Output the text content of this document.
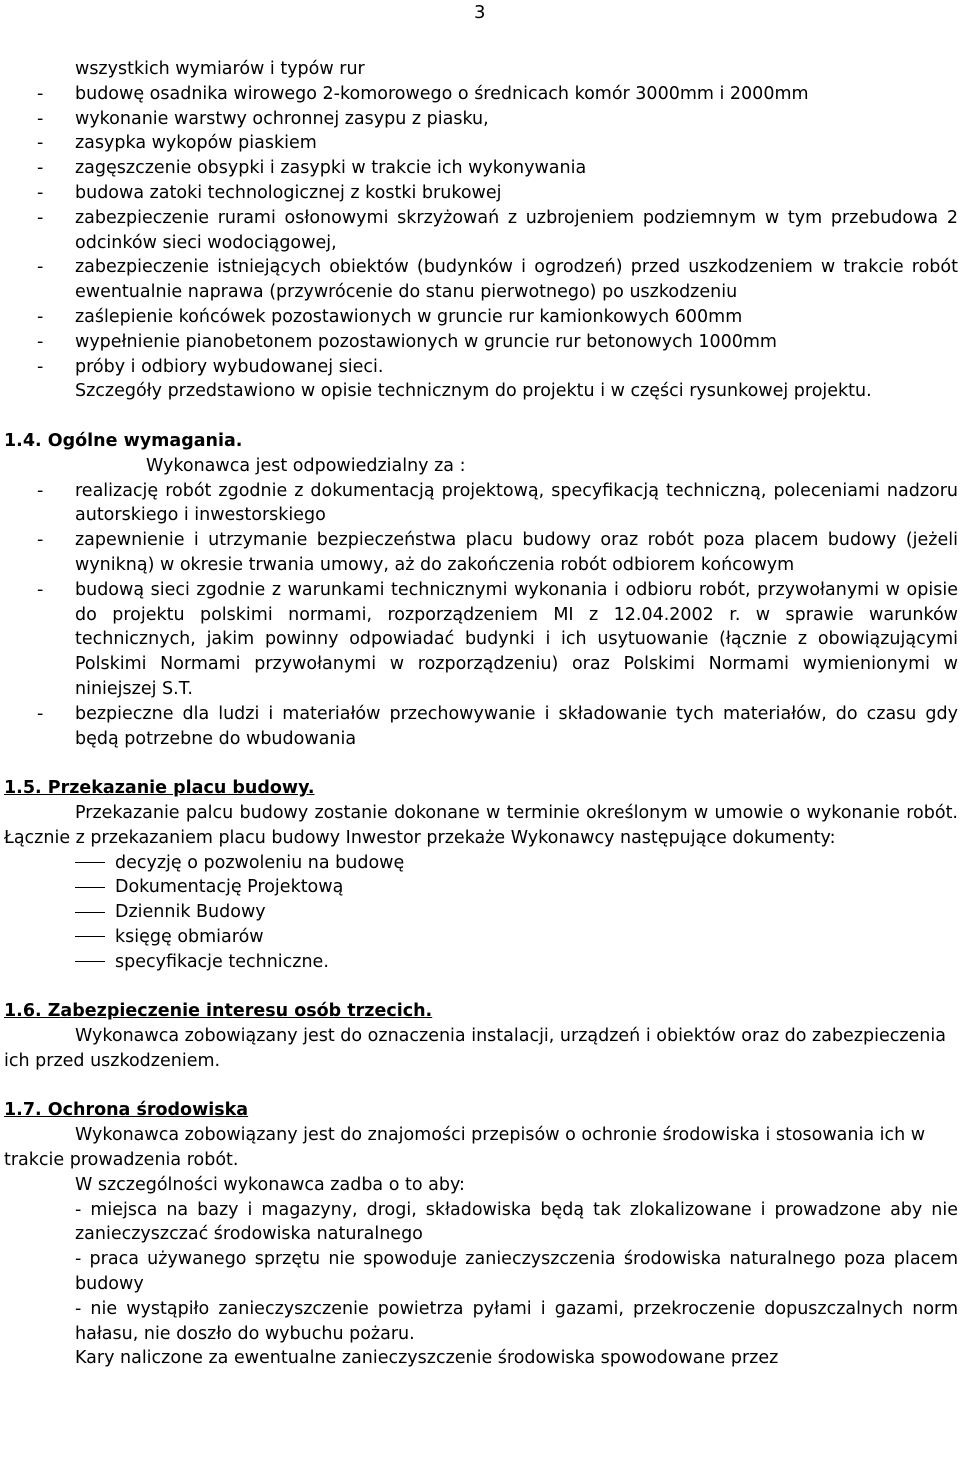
3

wszystkich wymiarów i typów rur

-	budowę osadnika wirowego 2-komorowego o średnicach komór 3000mm i 2000mm
-	wykonanie warstwy ochronnej zasypu z piasku,
-	zasypka wykopów piaskiem
-	zagęszczenie obsypki i zasypki w trakcie ich wykonywania
-	budowa zatoki technologicznej z kostki brukowej
-	zabezpieczenie rurami osłonowymi skrzyżowań z uzbrojeniem podziemnym w tym przebudowa 2 odcinków sieci wodociągowej,
-	zabezpieczenie istniejących obiektów (budynków i ogrodzeń) przed uszkodzeniem w trakcie robót ewentualnie naprawa (przywrócenie do stanu pierwotnego) po uszkodzeniu
-	zaślepienie końcówek pozostawionych w gruncie rur kamionkowych 600mm
-	wypełnienie pianobetonem pozostawionych w gruncie rur betonowych 1000mm
-	próby i odbiory wybudowanej sieci.

Szczegóły przedstawiono w opisie technicznym do projektu i w części rysunkowej projektu.

1.4. Ogólne wymagania.

Wykonawca jest odpowiedzialny za :

-	realizację robót zgodnie z dokumentacją projektową, specyfikacją techniczną, poleceniami nadzoru autorskiego i inwestorskiego
-	zapewnienie i utrzymanie bezpieczeństwa placu budowy oraz robót poza placem budowy (jeżeli wynikną) w okresie trwania umowy, aż do zakończenia robót odbiorem końcowym
-	budową sieci zgodnie z warunkami technicznymi wykonania i odbioru robót, przywołanymi w opisie do projektu polskimi normami, rozporządzeniem MI z 12.04.2002 r. w sprawie warunków technicznych, jakim powinny odpowiadać budynki i ich usytuowanie (łącznie z obowiązującymi Polskimi Normami przywołanymi w rozporządzeniu) oraz Polskimi Normami wymienionymi w niniejszej S.T.
-	bezpieczne dla ludzi i materiałów przechowywanie i składowanie tych materiałów, do czasu gdy będą potrzebne do wbudowania

1.5. Przekazanie placu budowy.

Przekazanie palcu budowy zostanie dokonane w terminie określonym w umowie o wykonanie robót. Łącznie z przekazaniem placu budowy Inwestor przekaże Wykonawcy następujące dokumenty:

decyzję o pozwoleniu na budowę
Dokumentację Projektową
Dziennik Budowy
księgę obmiarów
specyfikacje techniczne.

1.6. Zabezpieczenie interesu osób trzecich.

Wykonawca zobowiązany jest do oznaczenia instalacji, urządzeń i obiektów oraz do zabezpieczenia ich przed uszkodzeniem.

1.7. Ochrona środowiska

Wykonawca zobowiązany jest do znajomości przepisów o ochronie środowiska i stosowania ich w trakcie prowadzenia robót.

W szczególności wykonawca zadba o to aby:

- miejsca na bazy i magazyny, drogi, składowiska będą tak zlokalizowane i prowadzone aby nie zanieczyszczać środowiska naturalnego

- praca używanego sprzętu nie spowoduje zanieczyszczenia środowiska naturalnego poza placem budowy

- nie wystąpiło zanieczyszczenie powietrza pyłami i gazami, przekroczenie dopuszczalnych norm hałasu, nie doszło do wybuchu pożaru.

Kary naliczone za ewentualne zanieczyszczenie środowiska spowodowane przez
